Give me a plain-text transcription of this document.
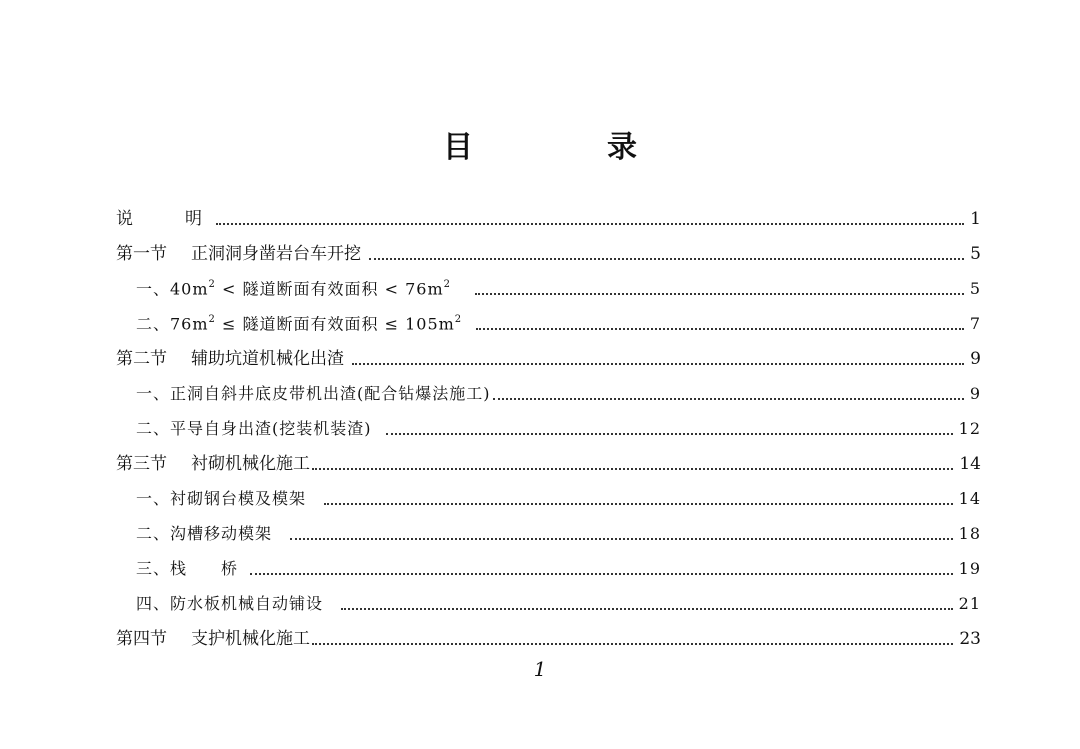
目　录
说　　明	1
第一节 正洞洞身凿岩台车开挖	5
一、$40m^2$ < 隧道断面有效面积 < $76m^2$	5
二、$76m^2$ ≤ 隧道断面有效面积 ≤ $105m^2$	7
第二节 辅助坑道机械化出渣	9
一、正洞自斜井底皮带机出渣(配合钻爆法施工)	9
二、平导自身出渣(挖装机装渣)	12
第三节 衬砌机械化施工	14
一、衬砌钢台模及模架	14
二、沟槽移动模架	18
三、栈　　桥	19
四、防水板机械自动铺设	21
第四节 支护机械化施工	23
1
